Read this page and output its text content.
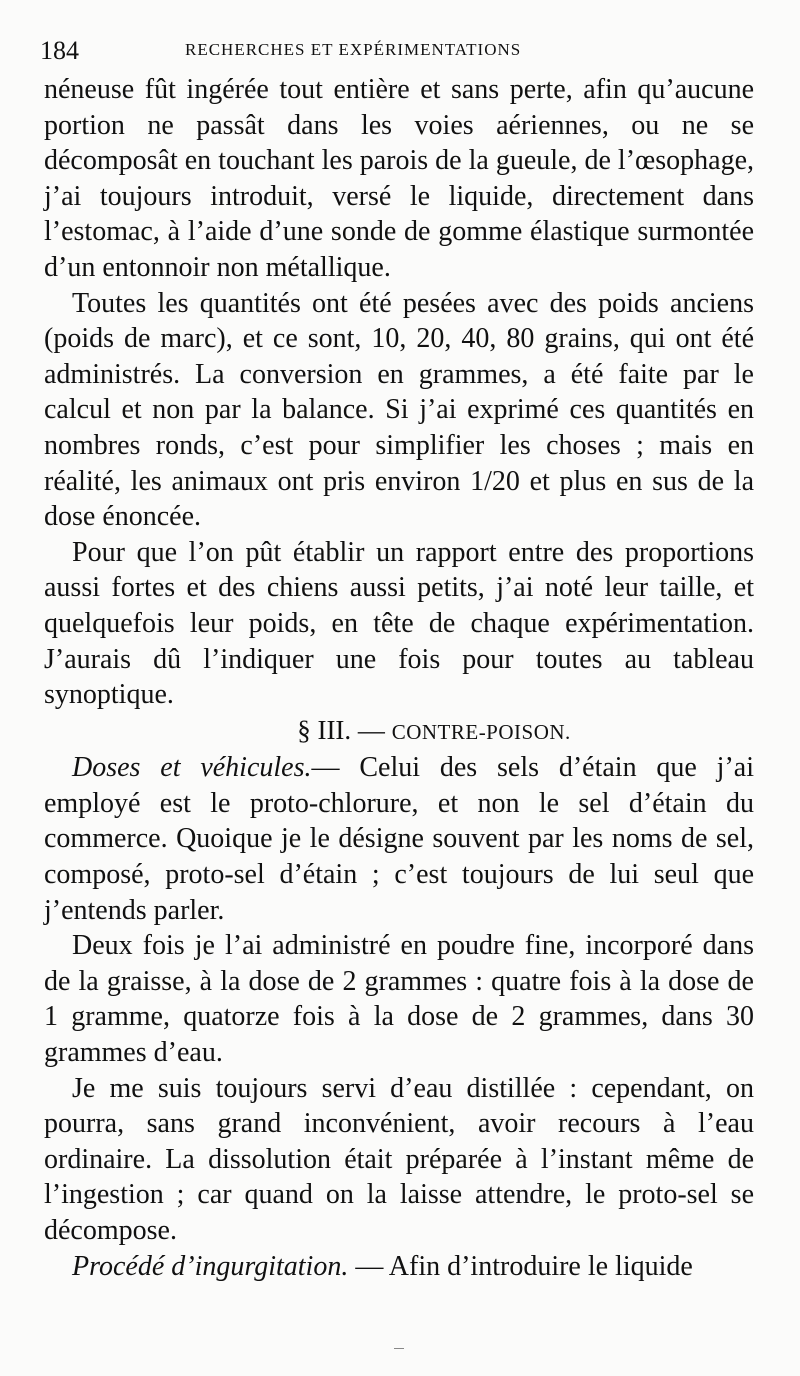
184	RECHERCHES ET EXPÉRIMENTATIONS

néneuse fût ingérée tout entière et sans perte, afin qu’aucune portion ne passât dans les voies aériennes, ou ne se décomposât en touchant les parois de la gueule, de l’œsophage, j’ai toujours introduit, versé le liquide, directement dans l’estomac, à l’aide d’une sonde de gomme élastique surmontée d’un entonnoir non métallique.

Toutes les quantités ont été pesées avec des poids anciens (poids de marc), et ce sont, 10, 20, 40, 80 grains, qui ont été administrés. La conversion en grammes, a été faite par le calcul et non par la balance. Si j’ai exprimé ces quantités en nombres ronds, c’est pour simplifier les choses ; mais en réalité, les animaux ont pris environ 1/20 et plus en sus de la dose énoncée.

Pour que l’on pût établir un rapport entre des proportions aussi fortes et des chiens aussi petits, j’ai noté leur taille, et quelquefois leur poids, en tête de chaque expérimentation. J’aurais dû l’indiquer une fois pour toutes au tableau synoptique.

§ III. — CONTRE-POISON.

Doses et véhicules.— Celui des sels d’étain que j’ai employé est le proto-chlorure, et non le sel d’étain du commerce. Quoique je le désigne souvent par les noms de sel, composé, proto-sel d’étain ; c’est toujours de lui seul que j’entends parler.

Deux fois je l’ai administré en poudre fine, incorporé dans de la graisse, à la dose de 2 grammes : quatre fois à la dose de 1 gramme, quatorze fois à la dose de 2 grammes, dans 30 grammes d’eau.

Je me suis toujours servi d’eau distillée : cependant, on pourra, sans grand inconvénient, avoir recours à l’eau ordinaire. La dissolution était préparée à l’instant même de l’ingestion ; car quand on la laisse attendre, le proto-sel se décompose.

Procédé d’ingurgitation. — Afin d’introduire le liquide
